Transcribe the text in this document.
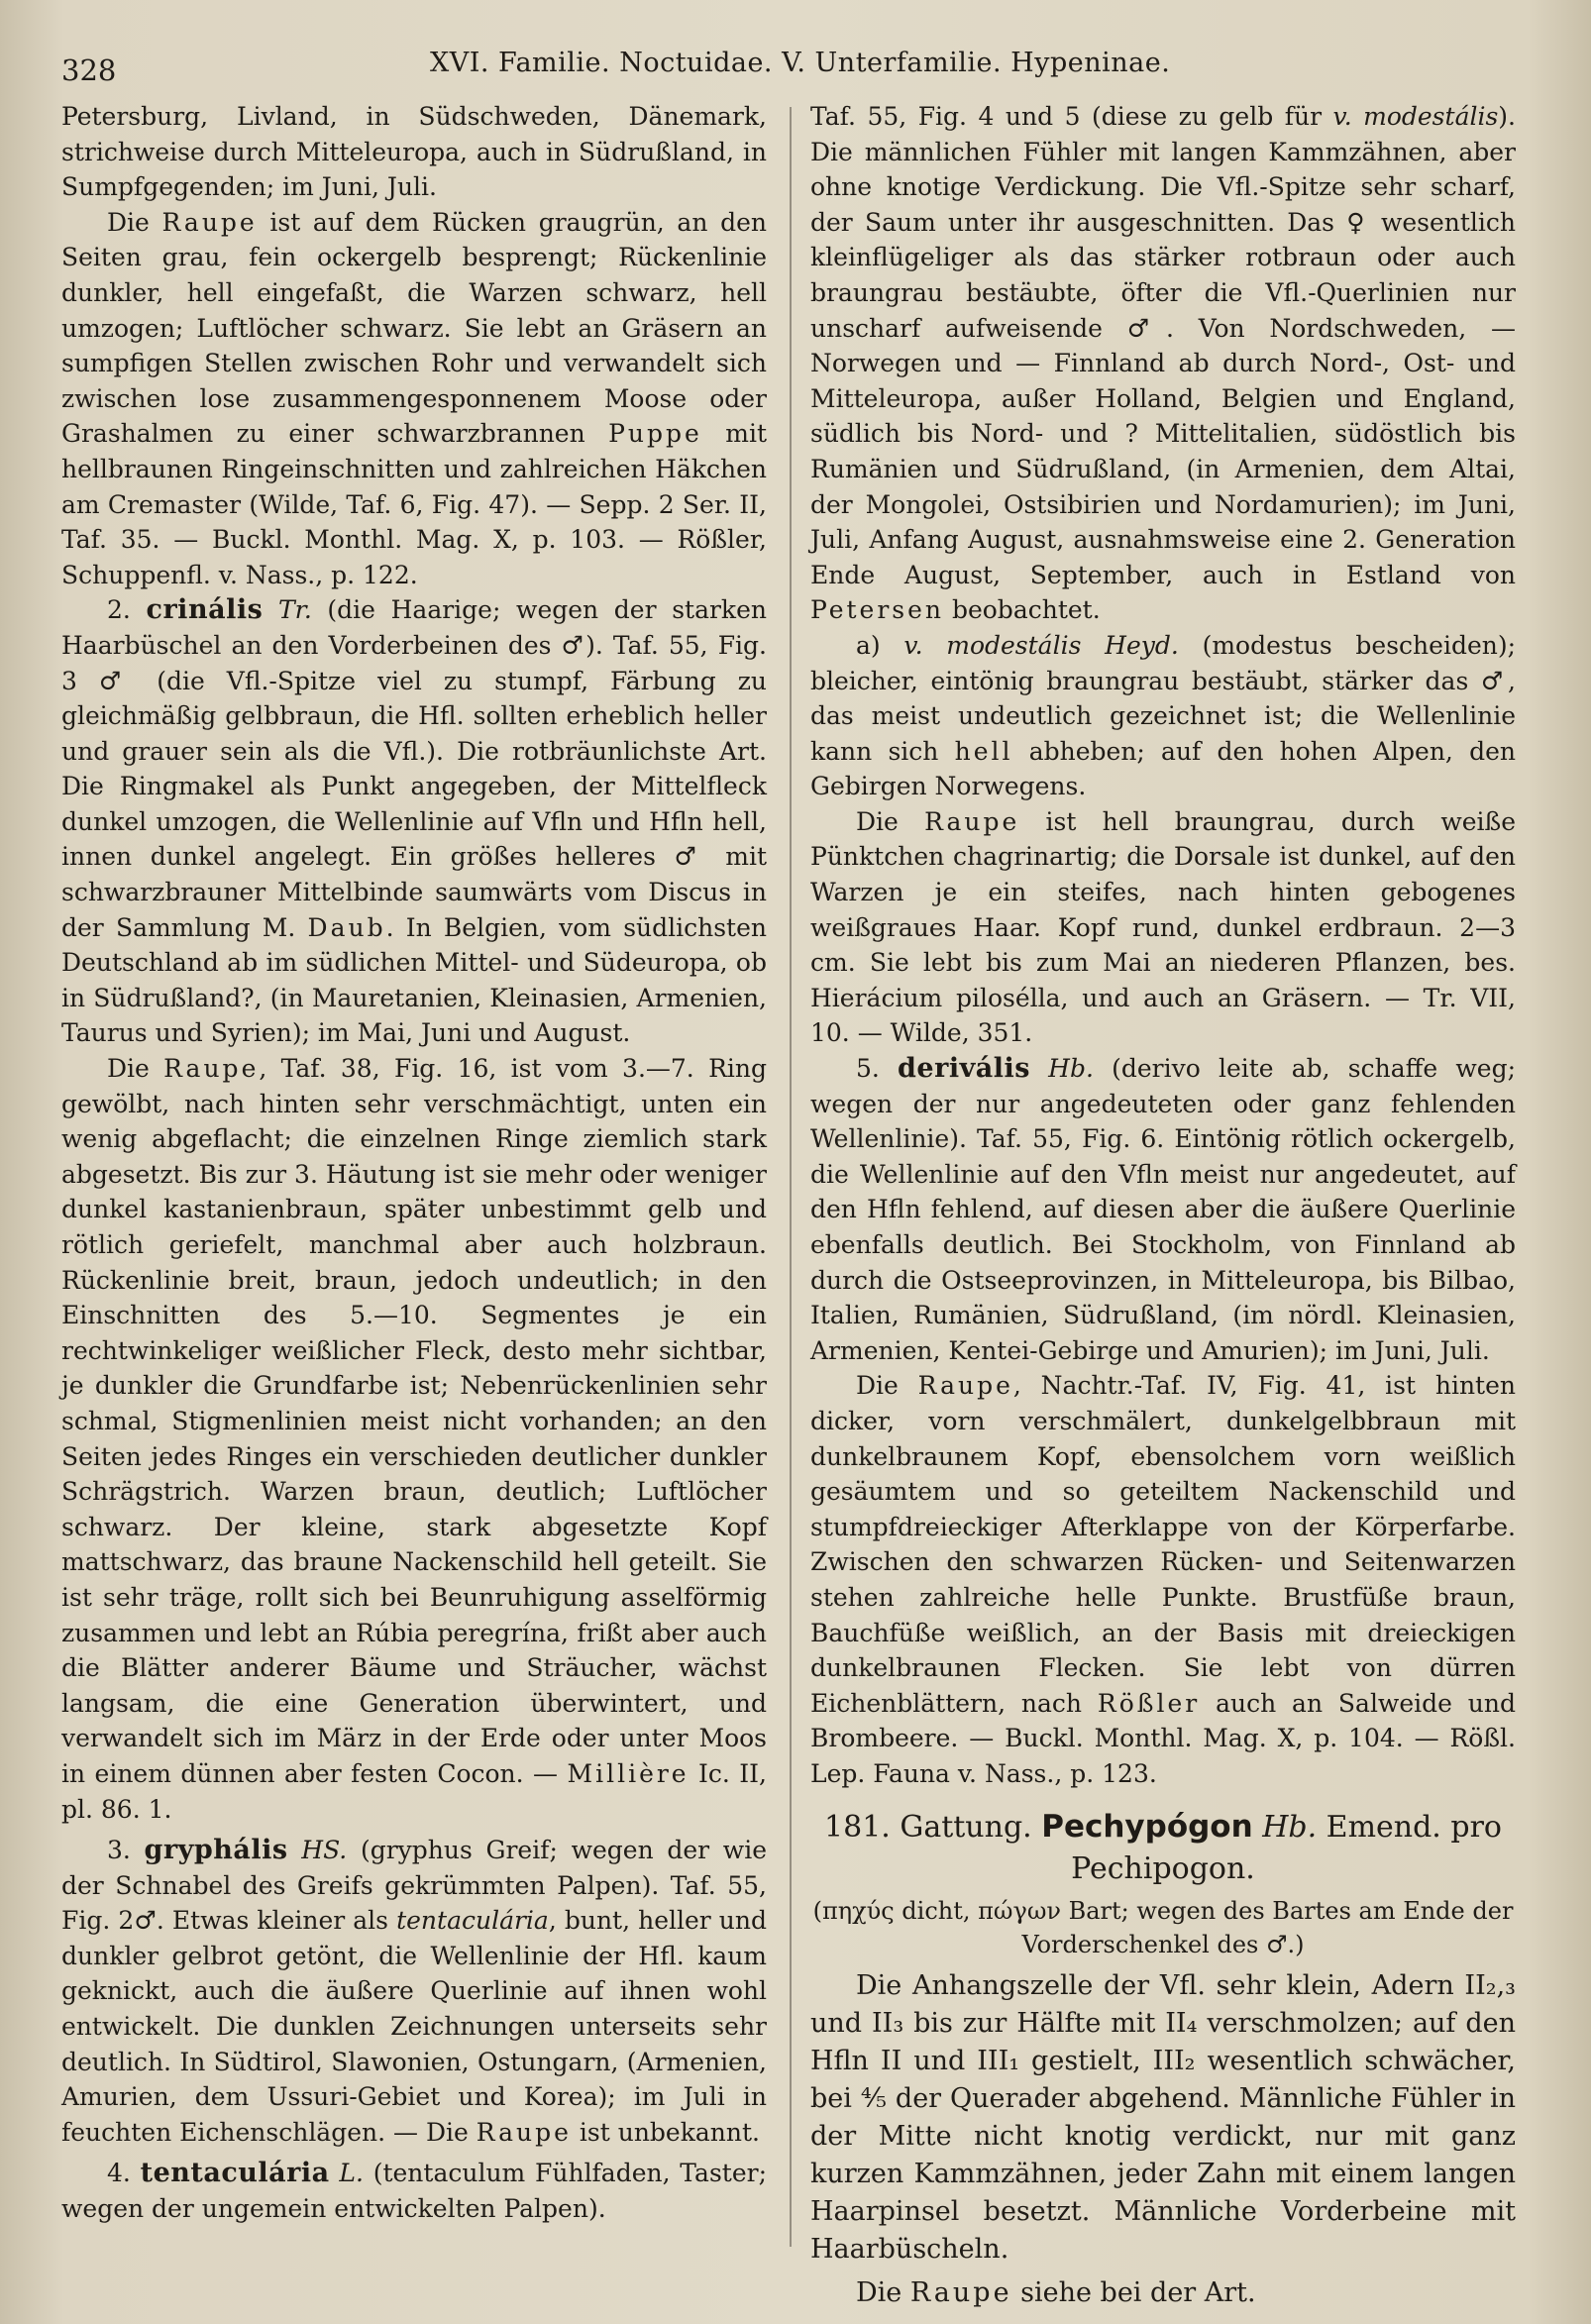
328	XVI. Familie. Noctuidae. V. Unterfamilie. Hypeninae.

Petersburg, Livland, in Südschweden, Dänemark, strichweise durch Mitteleuropa, auch in Südrußland, in Sumpfgegenden; im Juni, Juli.

Die Raupe ist auf dem Rücken graugrün, an den Seiten grau, fein ockergelb besprengt; Rückenlinie dunkler, hell eingefaßt, die Warzen schwarz, hell umzogen; Luftlöcher schwarz. Sie lebt an Gräsern an sumpfigen Stellen zwischen Rohr und verwandelt sich zwischen lose zusammengesponnenem Moose oder Grashalmen zu einer schwarzbrannen Puppe mit hellbraunen Ringeinschnitten und zahlreichen Häkchen am Cremaster (Wilde, Taf. 6, Fig. 47). — Sepp. 2 Ser. II, Taf. 35. — Buckl. Monthl. Mag. X, p. 103. — Rößler, Schuppenfl. v. Nass., p. 122.

2. crinális Tr. (die Haarige; wegen der starken Haarbüschel an den Vorderbeinen des ♂). Taf. 55, Fig. 3 ♂ (die Vfl.-Spitze viel zu stumpf, Färbung zu gleichmäßig gelbbraun, die Hfl. sollten erheblich heller und grauer sein als die Vfl.). Die rotbräunlichste Art. Die Ringmakel als Punkt angegeben, der Mittelfleck dunkel umzogen, die Wellenlinie auf Vfln und Hfln hell, innen dunkel angelegt. Ein größes helleres ♂ mit schwarzbrauner Mittelbinde saumwärts vom Discus in der Sammlung M. Daub. In Belgien, vom südlichsten Deutschland ab im südlichen Mittel- und Südeuropa, ob in Südrußland?, (in Mauretanien, Kleinasien, Armenien, Taurus und Syrien); im Mai, Juni und August.

Die Raupe, Taf. 38, Fig. 16, ist vom 3.—7. Ring gewölbt, nach hinten sehr verschmächtigt, unten ein wenig abgeflacht; die einzelnen Ringe ziemlich stark abgesetzt. Bis zur 3. Häutung ist sie mehr oder weniger dunkel kastanienbraun, später unbestimmt gelb und rötlich geriefelt, manchmal aber auch holzbraun. Rückenlinie breit, braun, jedoch undeutlich; in den Einschnitten des 5.—10. Segmentes je ein rechtwinkeliger weißlicher Fleck, desto mehr sichtbar, je dunkler die Grundfarbe ist; Nebenrückenlinien sehr schmal, Stigmenlinien meist nicht vorhanden; an den Seiten jedes Ringes ein verschieden deutlicher dunkler Schrägstrich. Warzen braun, deutlich; Luftlöcher schwarz. Der kleine, stark abgesetzte Kopf mattschwarz, das braune Nackenschild hell geteilt. Sie ist sehr träge, rollt sich bei Beunruhigung asselförmig zusammen und lebt an Rúbia peregrína, frißt aber auch die Blätter anderer Bäume und Sträucher, wächst langsam, die eine Generation überwintert, und verwandelt sich im März in der Erde oder unter Moos in einem dünnen aber festen Cocon. — Millière Ic. II, pl. 86. 1.

3. gryphális HS. (gryphus Greif; wegen der wie der Schnabel des Greifs gekrümmten Palpen). Taf. 55, Fig. 2♂. Etwas kleiner als tentaculária, bunt, heller und dunkler gelbrot getönt, die Wellenlinie der Hfl. kaum geknickt, auch die äußere Querlinie auf ihnen wohl entwickelt. Die dunklen Zeichnungen unterseits sehr deutlich. In Südtirol, Slawonien, Ostungarn, (Armenien, Amurien, dem Ussuri-Gebiet und Korea); im Juli in feuchten Eichenschlägen. — Die Raupe ist unbekannt.

4. tentaculária L. (tentaculum Fühlfaden, Taster; wegen der ungemein entwickelten Palpen).

Taf. 55, Fig. 4 und 5 (diese zu gelb für v. modestális). Die männlichen Fühler mit langen Kammzähnen, aber ohne knotige Verdickung. Die Vfl.-Spitze sehr scharf, der Saum unter ihr ausgeschnitten. Das ♀ wesentlich kleinflügeliger als das stärker rotbraun oder auch braungrau bestäubte, öfter die Vfl.-Querlinien nur unscharf aufweisende ♂. Von Nordschweden, — Norwegen und — Finnland ab durch Nord-, Ost- und Mitteleuropa, außer Holland, Belgien und England, südlich bis Nord- und ? Mittelitalien, südöstlich bis Rumänien und Südrußland, (in Armenien, dem Altai, der Mongolei, Ostsibirien und Nordamurien); im Juni, Juli, Anfang August, ausnahmsweise eine 2. Generation Ende August, September, auch in Estland von Petersen beobachtet.

a) v. modestális Heyd. (modestus bescheiden); bleicher, eintönig braungrau bestäubt, stärker das ♂, das meist undeutlich gezeichnet ist; die Wellenlinie kann sich hell abheben; auf den hohen Alpen, den Gebirgen Norwegens.

Die Raupe ist hell braungrau, durch weiße Pünktchen chagrinartig; die Dorsale ist dunkel, auf den Warzen je ein steifes, nach hinten gebogenes weißgraues Haar. Kopf rund, dunkel erdbraun. 2—3 cm. Sie lebt bis zum Mai an niederen Pflanzen, bes. Hierácium pilosélla, und auch an Gräsern. — Tr. VII, 10. — Wilde, 351.

5. derivális Hb. (derivo leite ab, schaffe weg; wegen der nur angedeuteten oder ganz fehlenden Wellenlinie). Taf. 55, Fig. 6. Eintönig rötlich ockergelb, die Wellenlinie auf den Vfln meist nur angedeutet, auf den Hfln fehlend, auf diesen aber die äußere Querlinie ebenfalls deutlich. Bei Stockholm, von Finnland ab durch die Ostseeprovinzen, in Mitteleuropa, bis Bilbao, Italien, Rumänien, Südrußland, (im nördl. Kleinasien, Armenien, Kentei-Gebirge und Amurien); im Juni, Juli.

Die Raupe, Nachtr.-Taf. IV, Fig. 41, ist hinten dicker, vorn verschmälert, dunkelgelbbraun mit dunkelbraunem Kopf, ebensolchem vorn weißlich gesäumtem und so geteiltem Nackenschild und stumpfdreieckiger Afterklappe von der Körperfarbe. Zwischen den schwarzen Rücken- und Seitenwarzen stehen zahlreiche helle Punkte. Brustfüße braun, Bauchfüße weißlich, an der Basis mit dreieckigen dunkelbraunen Flecken. Sie lebt von dürren Eichenblättern, nach Rößler auch an Salweide und Brombeere. — Buckl. Monthl. Mag. X, p. 104. — Rößl. Lep. Fauna v. Nass., p. 123.

181. Gattung. Pechypógon Hb. Emend. pro
Pechipogon.
(πηχύς dicht, πώγων Bart; wegen des Bartes am Ende der Vorderschenkel des ♂.)

Die Anhangszelle der Vfl. sehr klein, Adern II₂,₃ und II₃ bis zur Hälfte mit II₄ verschmolzen; auf den Hfln II und III₁ gestielt, III₂ wesentlich schwächer, bei ⁴⁄₅ der Querader abgehend. Männliche Fühler in der Mitte nicht knotig verdickt, nur mit ganz kurzen Kammzähnen, jeder Zahn mit einem langen Haarpinsel besetzt. Männliche Vorderbeine mit Haarbüscheln.

Die Raupe siehe bei der Art.
